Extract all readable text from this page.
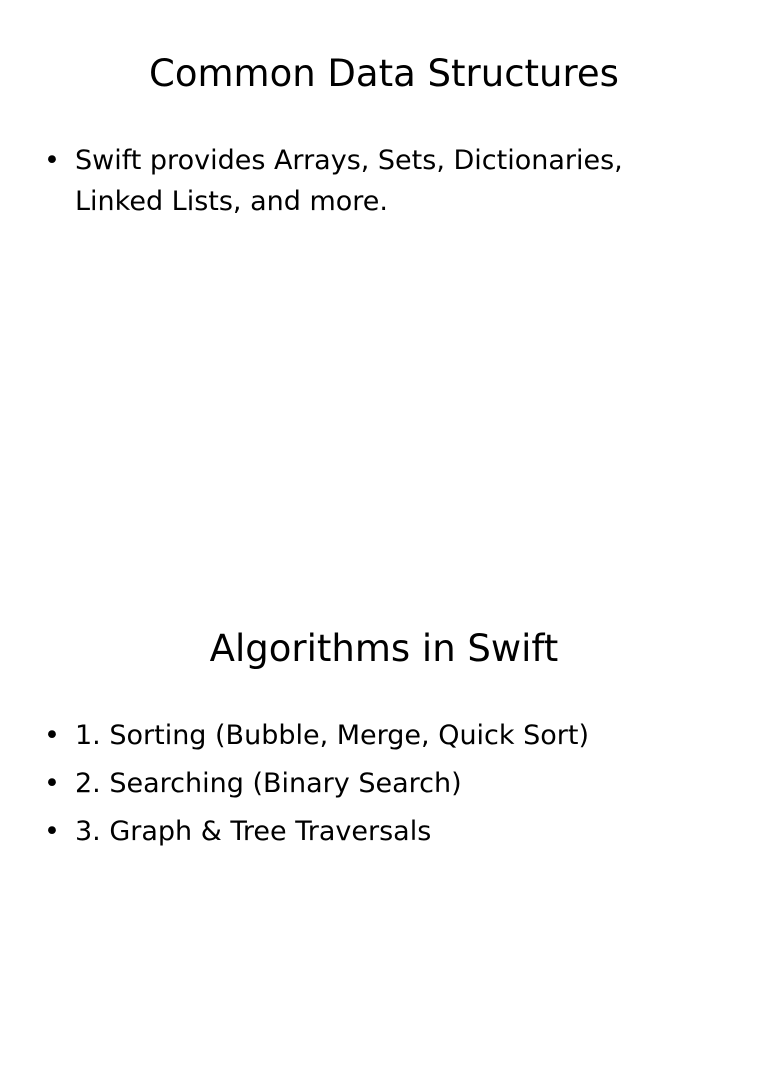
Common Data Structures
• Swift provides Arrays, Sets, Dictionaries, Linked Lists, and more.
Algorithms in Swift
• 1. Sorting (Bubble, Merge, Quick Sort)
• 2. Searching (Binary Search)
• 3. Graph & Tree Traversals
